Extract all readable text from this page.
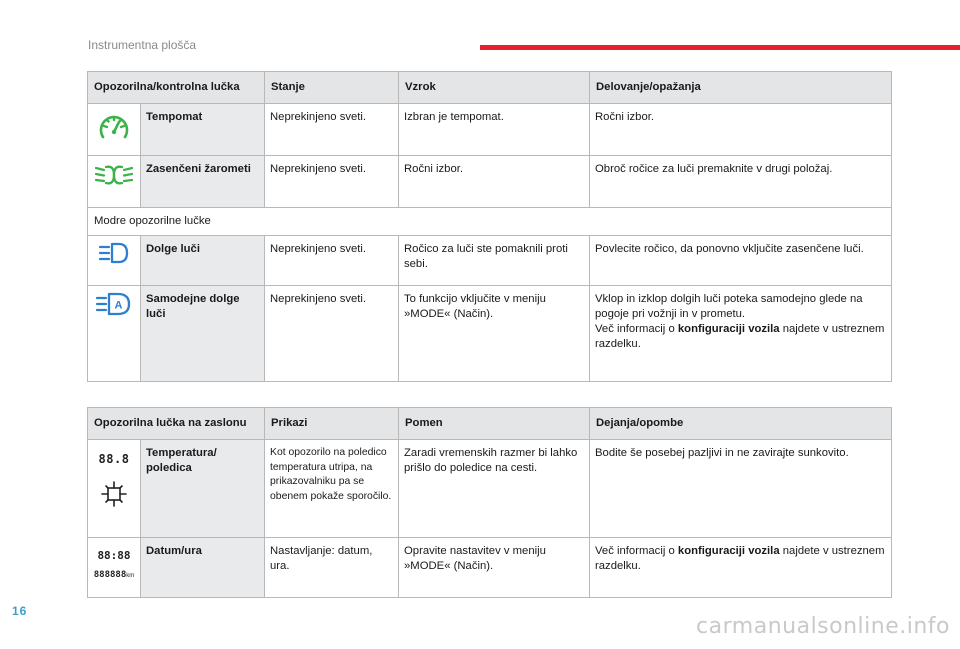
Instrumentna plošča
Opozorilna/kontrolna lučka		Stanje	Vzrok	Delovanje/opažanja

	Tempomat	Neprekinjeno sveti.	Izbran je tempomat.	Ročni izbor.

	Zasenčeni žarometi	Neprekinjeno sveti.	Ročni izbor.	Obroč ročice za luči premaknite v drugi položaj.
Modre opozorilne lučke				

	Dolge luči	Neprekinjeno sveti.	Ročico za luči ste pomaknili proti sebi.	Povlecite ročico, da ponovno vključite zasenčene luči.

A	Samodejne dolge luči	Neprekinjeno sveti.	To funkcijo vključite v meniju »MODE« (Način).	Vklop in izklop dolgih luči poteka samodejno glede na pogoje pri vožnji in v prometu.
Več informacij o konfiguraciji vozila najdete v ustreznem razdelku.
Opozorilna lučka na zaslonu		Prikazi	Pomen	Dejanja/opombe

88.8	Temperatura/ poledica	Kot opozorilo na poledico temperatura utripa, na prikazovalniku pa se obenem pokaže sporočilo.	Zaradi vremenskih razmer bi lahko prišlo do poledice na cesti.	Bodite še posebej pazljivi in ne zavirajte sunkovito.

88:88
888888km	Datum/ura	Nastavljanje: datum, ura.	Opravite nastavitev v meniju »MODE« (Način).	Več informacij o konfiguraciji vozila najdete v ustreznem razdelku.
16
carmanualsonline.info
